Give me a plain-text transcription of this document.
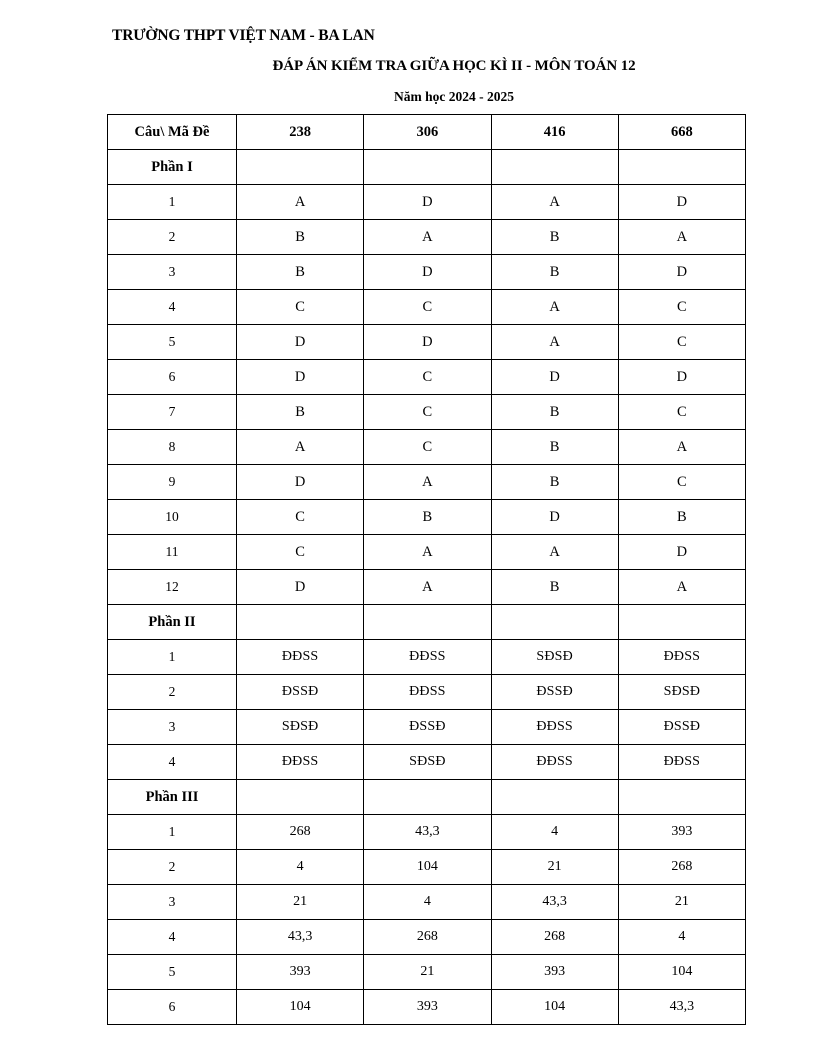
TRƯỜNG THPT VIỆT NAM - BA LAN
ĐÁP ÁN KIỂM TRA GIỮA HỌC KÌ II - MÔN TOÁN 12
Năm học 2024 - 2025
Câu\ Mã Đề	238	306	416	668
Phần I				
1	A	D	A	D
2	B	A	B	A
3	B	D	B	D
4	C	C	A	C
5	D	D	A	C
6	D	C	D	D
7	B	C	B	C
8	A	C	B	A
9	D	A	B	C
10	C	B	D	B
11	C	A	A	D
12	D	A	B	A
Phần II				
1	ĐĐSS	ĐĐSS	SĐSĐ	ĐĐSS
2	ĐSSĐ	ĐĐSS	ĐSSĐ	SĐSĐ
3	SĐSĐ	ĐSSĐ	ĐĐSS	ĐSSĐ
4	ĐĐSS	SĐSĐ	ĐĐSS	ĐĐSS
Phần III				
1	268	43,3	4	393
2	4	104	21	268
3	21	4	43,3	21
4	43,3	268	268	4
5	393	21	393	104
6	104	393	104	43,3
